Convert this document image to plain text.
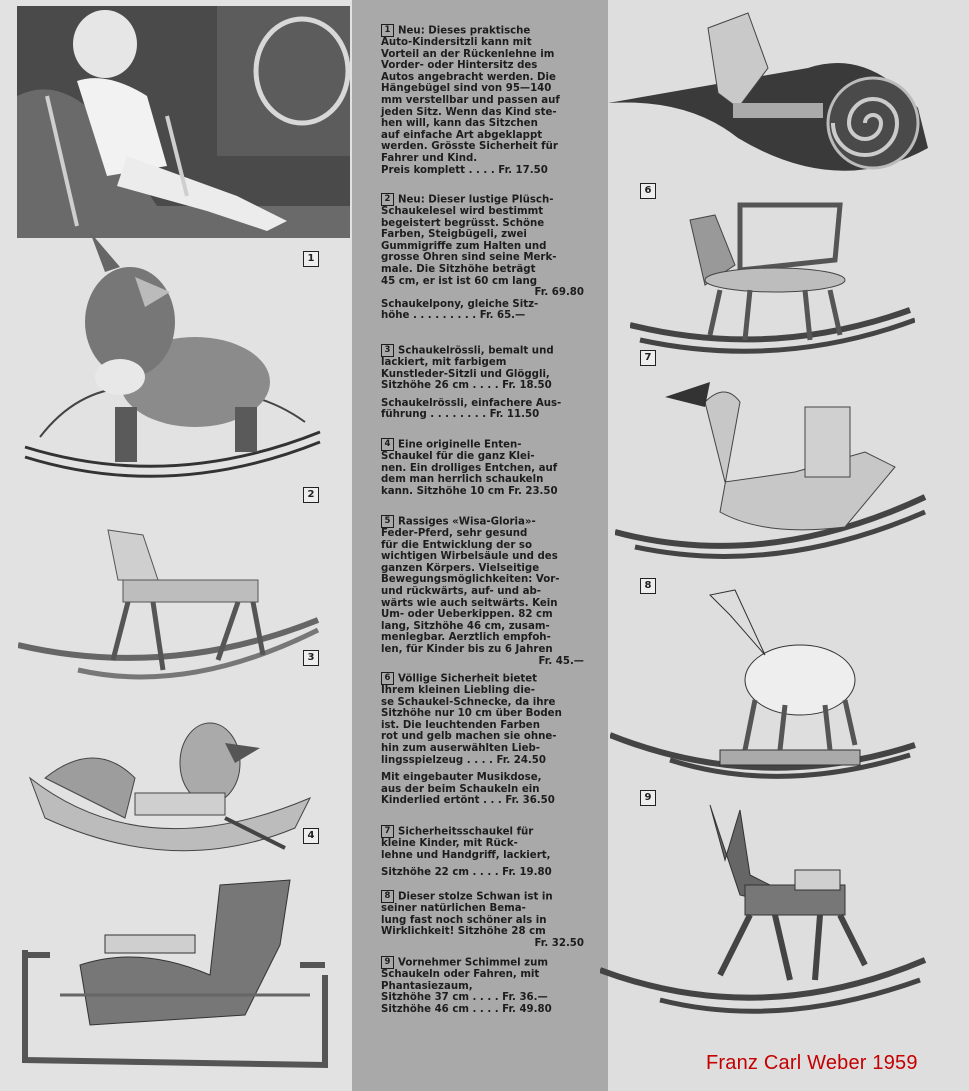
1
2
3
4
6
7
8
9
1 Neu: Dieses praktische
Auto-Kindersitzli kann mit
Vorteil an der Rückenlehne im
Vorder- oder Hintersitz des
Autos angebracht werden. Die
Hängebügel sind von 95—140
mm verstellbar und passen auf
jeden Sitz. Wenn das Kind ste-
hen will, kann das Sitzchen
auf einfache Art abgeklappt
werden. Grösste Sicherheit für
Fahrer und Kind.
Preis komplett . . . . Fr. 17.50
2 Neu: Dieser lustige Plüsch-
Schaukelesel wird bestimmt
begeistert begrüsst. Schöne
Farben, Steigbügeli, zwei
Gummigriffe zum Halten und
grosse Ohren sind seine Merk-
male. Die Sitzhöhe beträgt
45 cm, er ist ist 60 cm lang
Fr. 69.80
Schaukelpony, gleiche Sitz-
höhe . . . . . . . . . Fr. 65.—
3 Schaukelrössli, bemalt und
lackiert, mit farbigem
Kunstleder-Sitzli und Glöggli,
Sitzhöhe 26 cm . . . . Fr. 18.50

Schaukelrössli, einfachere Aus-
führung . . . . . . . . Fr. 11.50
4 Eine originelle Enten-
Schaukel für die ganz Klei-
nen. Ein drolliges Entchen, auf
dem man herrlich schaukeln
kann. Sitzhöhe 10 cm Fr. 23.50
5 Rassiges «Wisa-Gloria»-
Feder-Pferd, sehr gesund
für die Entwicklung der so
wichtigen Wirbelsäule und des
ganzen Körpers. Vielseitige
Bewegungsmöglichkeiten: Vor-
und rückwärts, auf- und ab-
wärts wie auch seitwärts. Kein
Um- oder Ueberkippen. 82 cm
lang, Sitzhöhe 46 cm, zusam-
menlegbar. Aerztlich empfoh-
len, für Kinder bis zu 6 Jahren
Fr. 45.—
6 Völlige Sicherheit bietet
Ihrem kleinen Liebling die-
se Schaukel-Schnecke, da ihre
Sitzhöhe nur 10 cm über Boden
ist. Die leuchtenden Farben
rot und gelb machen sie ohne-
hin zum auserwählten Lieb-
lingsspielzeug . . . . Fr. 24.50

Mit eingebauter Musikdose,
aus der beim Schaukeln ein
Kinderlied ertönt . . . Fr. 36.50
7 Sicherheitsschaukel für
kleine Kinder, mit Rück-
lehne und Handgriff, lackiert,

Sitzhöhe 22 cm . . . . Fr. 19.80
8 Dieser stolze Schwan ist in
seiner natürlichen Bema-
lung fast noch schöner als in
Wirklichkeit! Sitzhöhe 28 cm
Fr. 32.50
9 Vornehmer Schimmel zum
Schaukeln oder Fahren, mit
Phantasiezaum,
Sitzhöhe 37 cm . . . . Fr. 36.—
Sitzhöhe 46 cm . . . . Fr. 49.80
Franz Carl Weber 1959
